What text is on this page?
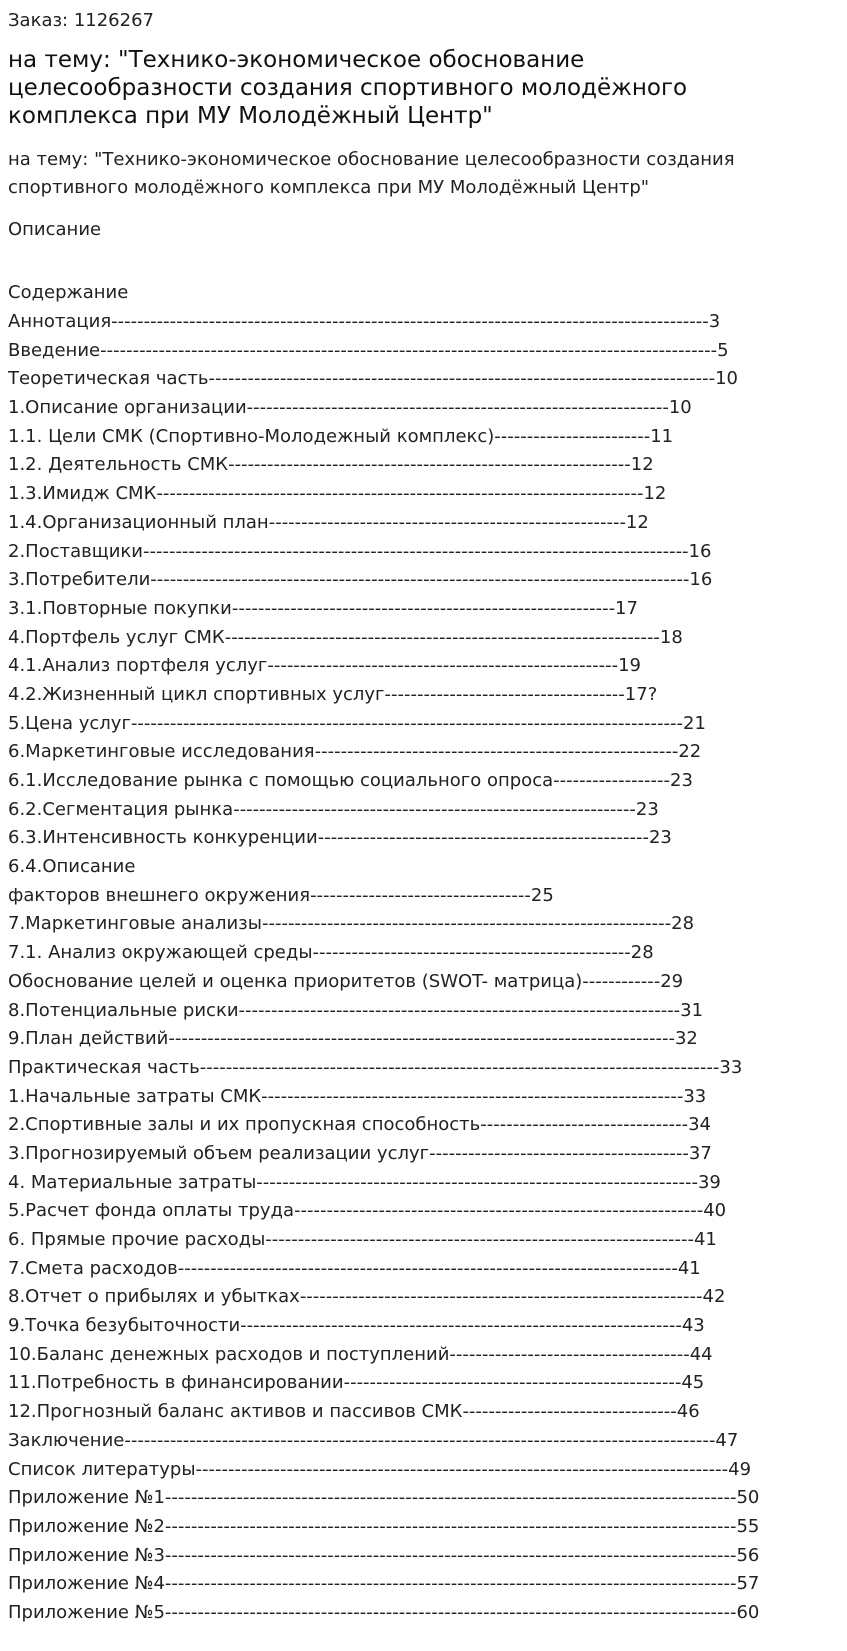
Заказ: 1126267
на тему: "Технико-экономическое обоснование целесообразности создания спортивного молодёжного комплекса при МУ Молодёжный Центр"
на тему: "Технико-экономическое обоснование целесообразности создания спортивного молодёжного комплекса при МУ Молодёжный Центр"
Описание
Содержание
Аннотация--------------------------------------------------------------------------------------------3
Введение-----------------------------------------------------------------------------------------------5
Теоретическая часть------------------------------------------------------------------------------10
1.Описание организации-----------------------------------------------------------------10
1.1. Цели СМК (Спортивно-Молодежный комплекс)------------------------11
1.2. Деятельность СМК--------------------------------------------------------------12
1.3.Имидж СМК---------------------------------------------------------------------------12
1.4.Организационный план-------------------------------------------------------12
2.Поставщики------------------------------------------------------------------------------------16
3.Потребители-----------------------------------------------------------------------------------16
3.1.Повторные покупки-----------------------------------------------------------17
4.Портфель услуг СМК-------------------------------------------------------------------18
4.1.Анализ портфеля услуг------------------------------------------------------19
4.2.Жизненный цикл спортивных услуг-------------------------------------17?
5.Цена услуг-------------------------------------------------------------------------------------21
6.Маркетинговые исследования--------------------------------------------------------22
6.1.Исследование рынка с помощью социального опроса------------------23
6.2.Сегментация рынка--------------------------------------------------------------23
6.3.Интенсивность конкуренции---------------------------------------------------23
6.4.Описание
факторов внешнего окружения----------------------------------25
7.Маркетинговые анализы---------------------------------------------------------------28
7.1. Анализ окружающей среды-------------------------------------------------28
Обоснование целей и оценка приоритетов (SWOT- матрица)------------29
8.Потенциальные риски--------------------------------------------------------------------31
9.План действий------------------------------------------------------------------------------32
Практическая часть--------------------------------------------------------------------------------33
1.Начальные затраты СМК-----------------------------------------------------------------33
2.Спортивные залы и их пропускная способность--------------------------------34
3.Прогнозируемый объем реализации услуг----------------------------------------37
4. Материальные затраты--------------------------------------------------------------------39
5.Расчет фонда оплаты труда---------------------------------------------------------------40
6. Прямые прочие расходы------------------------------------------------------------------41
7.Смета расходов-----------------------------------------------------------------------------41
8.Отчет о прибылях и убытках--------------------------------------------------------------42
9.Точка безубыточности--------------------------------------------------------------------43
10.Баланс денежных расходов и поступлений-------------------------------------44
11.Потребность в финансировании----------------------------------------------------45
12.Прогнозный баланс активов и пассивов СМК---------------------------------46
Заключение-------------------------------------------------------------------------------------------47
Список литературы----------------------------------------------------------------------------------49
Приложение №1----------------------------------------------------------------------------------------50
Приложение №2----------------------------------------------------------------------------------------55
Приложение №3----------------------------------------------------------------------------------------56
Приложение №4----------------------------------------------------------------------------------------57
Приложение №5----------------------------------------------------------------------------------------60
